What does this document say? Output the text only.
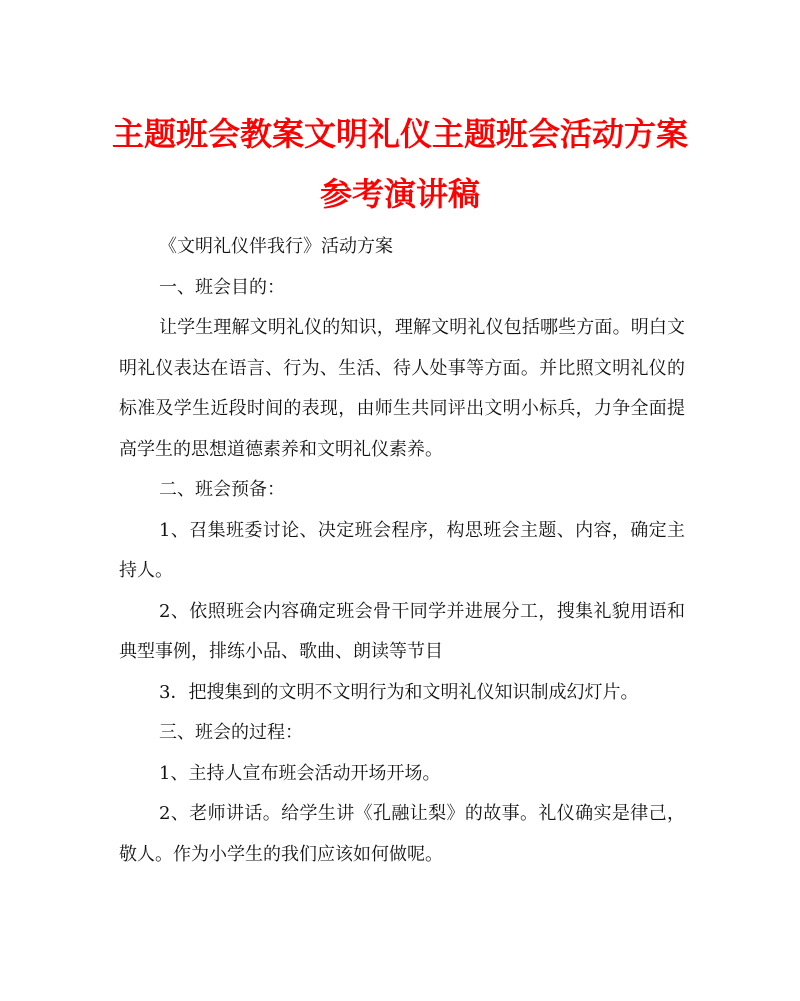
主题班会教案文明礼仪主题班会活动方案
参考演讲稿

《文明礼仪伴我行》活动方案

一、班会目的：

让学生理解文明礼仪的知识，理解文明礼仪包括哪些方面。明白文明礼仪表达在语言、行为、生活、待人处事等方面。并比照文明礼仪的标准及学生近段时间的表现，由师生共同评出文明小标兵，力争全面提高学生的思想道德素养和文明礼仪素养。

二、班会预备：

1、召集班委讨论、决定班会程序，构思班会主题、内容，确定主持人。

2、依照班会内容确定班会骨干同学并进展分工，搜集礼貌用语和典型事例，排练小品、歌曲、朗读等节目

3．把搜集到的文明不文明行为和文明礼仪知识制成幻灯片。

三、班会的过程：

1、主持人宣布班会活动开场开场。

2、老师讲话。给学生讲《孔融让梨》的故事。礼仪确实是律己，敬人。作为小学生的我们应该如何做呢。
